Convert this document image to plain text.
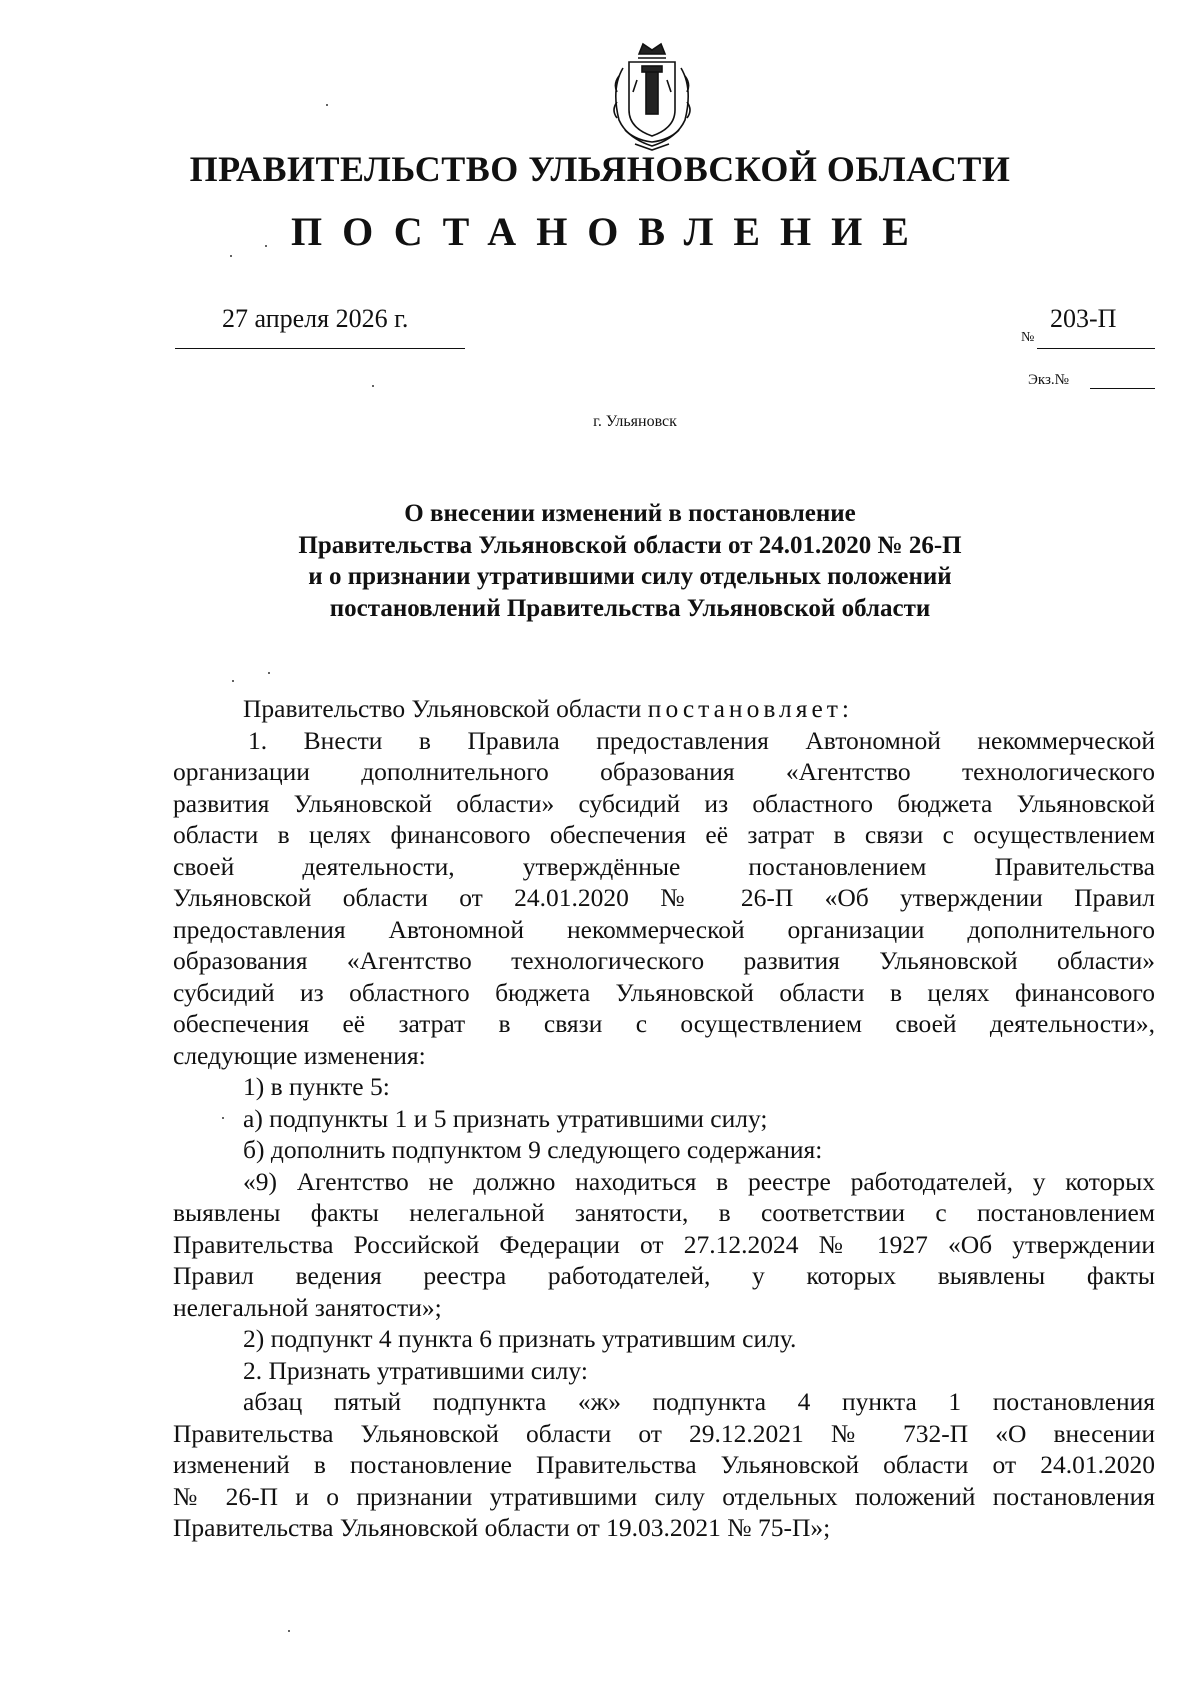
ПРАВИТЕЛЬСТВО УЛЬЯНОВСКОЙ ОБЛАСТИ
ПОСТАНОВЛЕНИЕ
27 апреля 2026 г.
№
203-П
Экз.№
г. Ульяновск
О внесении изменений в постановление
Правительства Ульяновской области от 24.01.2020 № 26-П
и о признании утратившими силу отдельных положений
постановлений Правительства Ульяновской области
Правительство Ульяновской области постановляет:
1. Внести в Правила предоставления Автономной некоммерческой
организации дополнительного образования «Агентство технологического
развития Ульяновской области» субсидий из областного бюджета Ульяновской
области в целях финансового обеспечения её затрат в связи с осуществлением
своей деятельности, утверждённые постановлением Правительства
Ульяновской области от 24.01.2020 № 26-П «Об утверждении Правил
предоставления Автономной некоммерческой организации дополнительного
образования «Агентство технологического развития Ульяновской области»
субсидий из областного бюджета Ульяновской области в целях финансового
обеспечения её затрат в связи с осуществлением своей деятельности»,
следующие изменения:
1) в пункте 5:
а) подпункты 1 и 5 признать утратившими силу;
б) дополнить подпунктом 9 следующего содержания:
«9) Агентство не должно находиться в реестре работодателей, у которых
выявлены факты нелегальной занятости, в соответствии с постановлением
Правительства Российской Федерации от 27.12.2024 № 1927 «Об утверждении
Правил ведения реестра работодателей, у которых выявлены факты
нелегальной занятости»;
2) подпункт 4 пункта 6 признать утратившим силу.
2. Признать утратившими силу:
абзац пятый подпункта «ж» подпункта 4 пункта 1 постановления
Правительства Ульяновской области от 29.12.2021 № 732-П «О внесении
изменений в постановление Правительства Ульяновской области от 24.01.2020
№ 26-П и о признании утратившими силу отдельных положений постановления
Правительства Ульяновской области от 19.03.2021 № 75-П»;
